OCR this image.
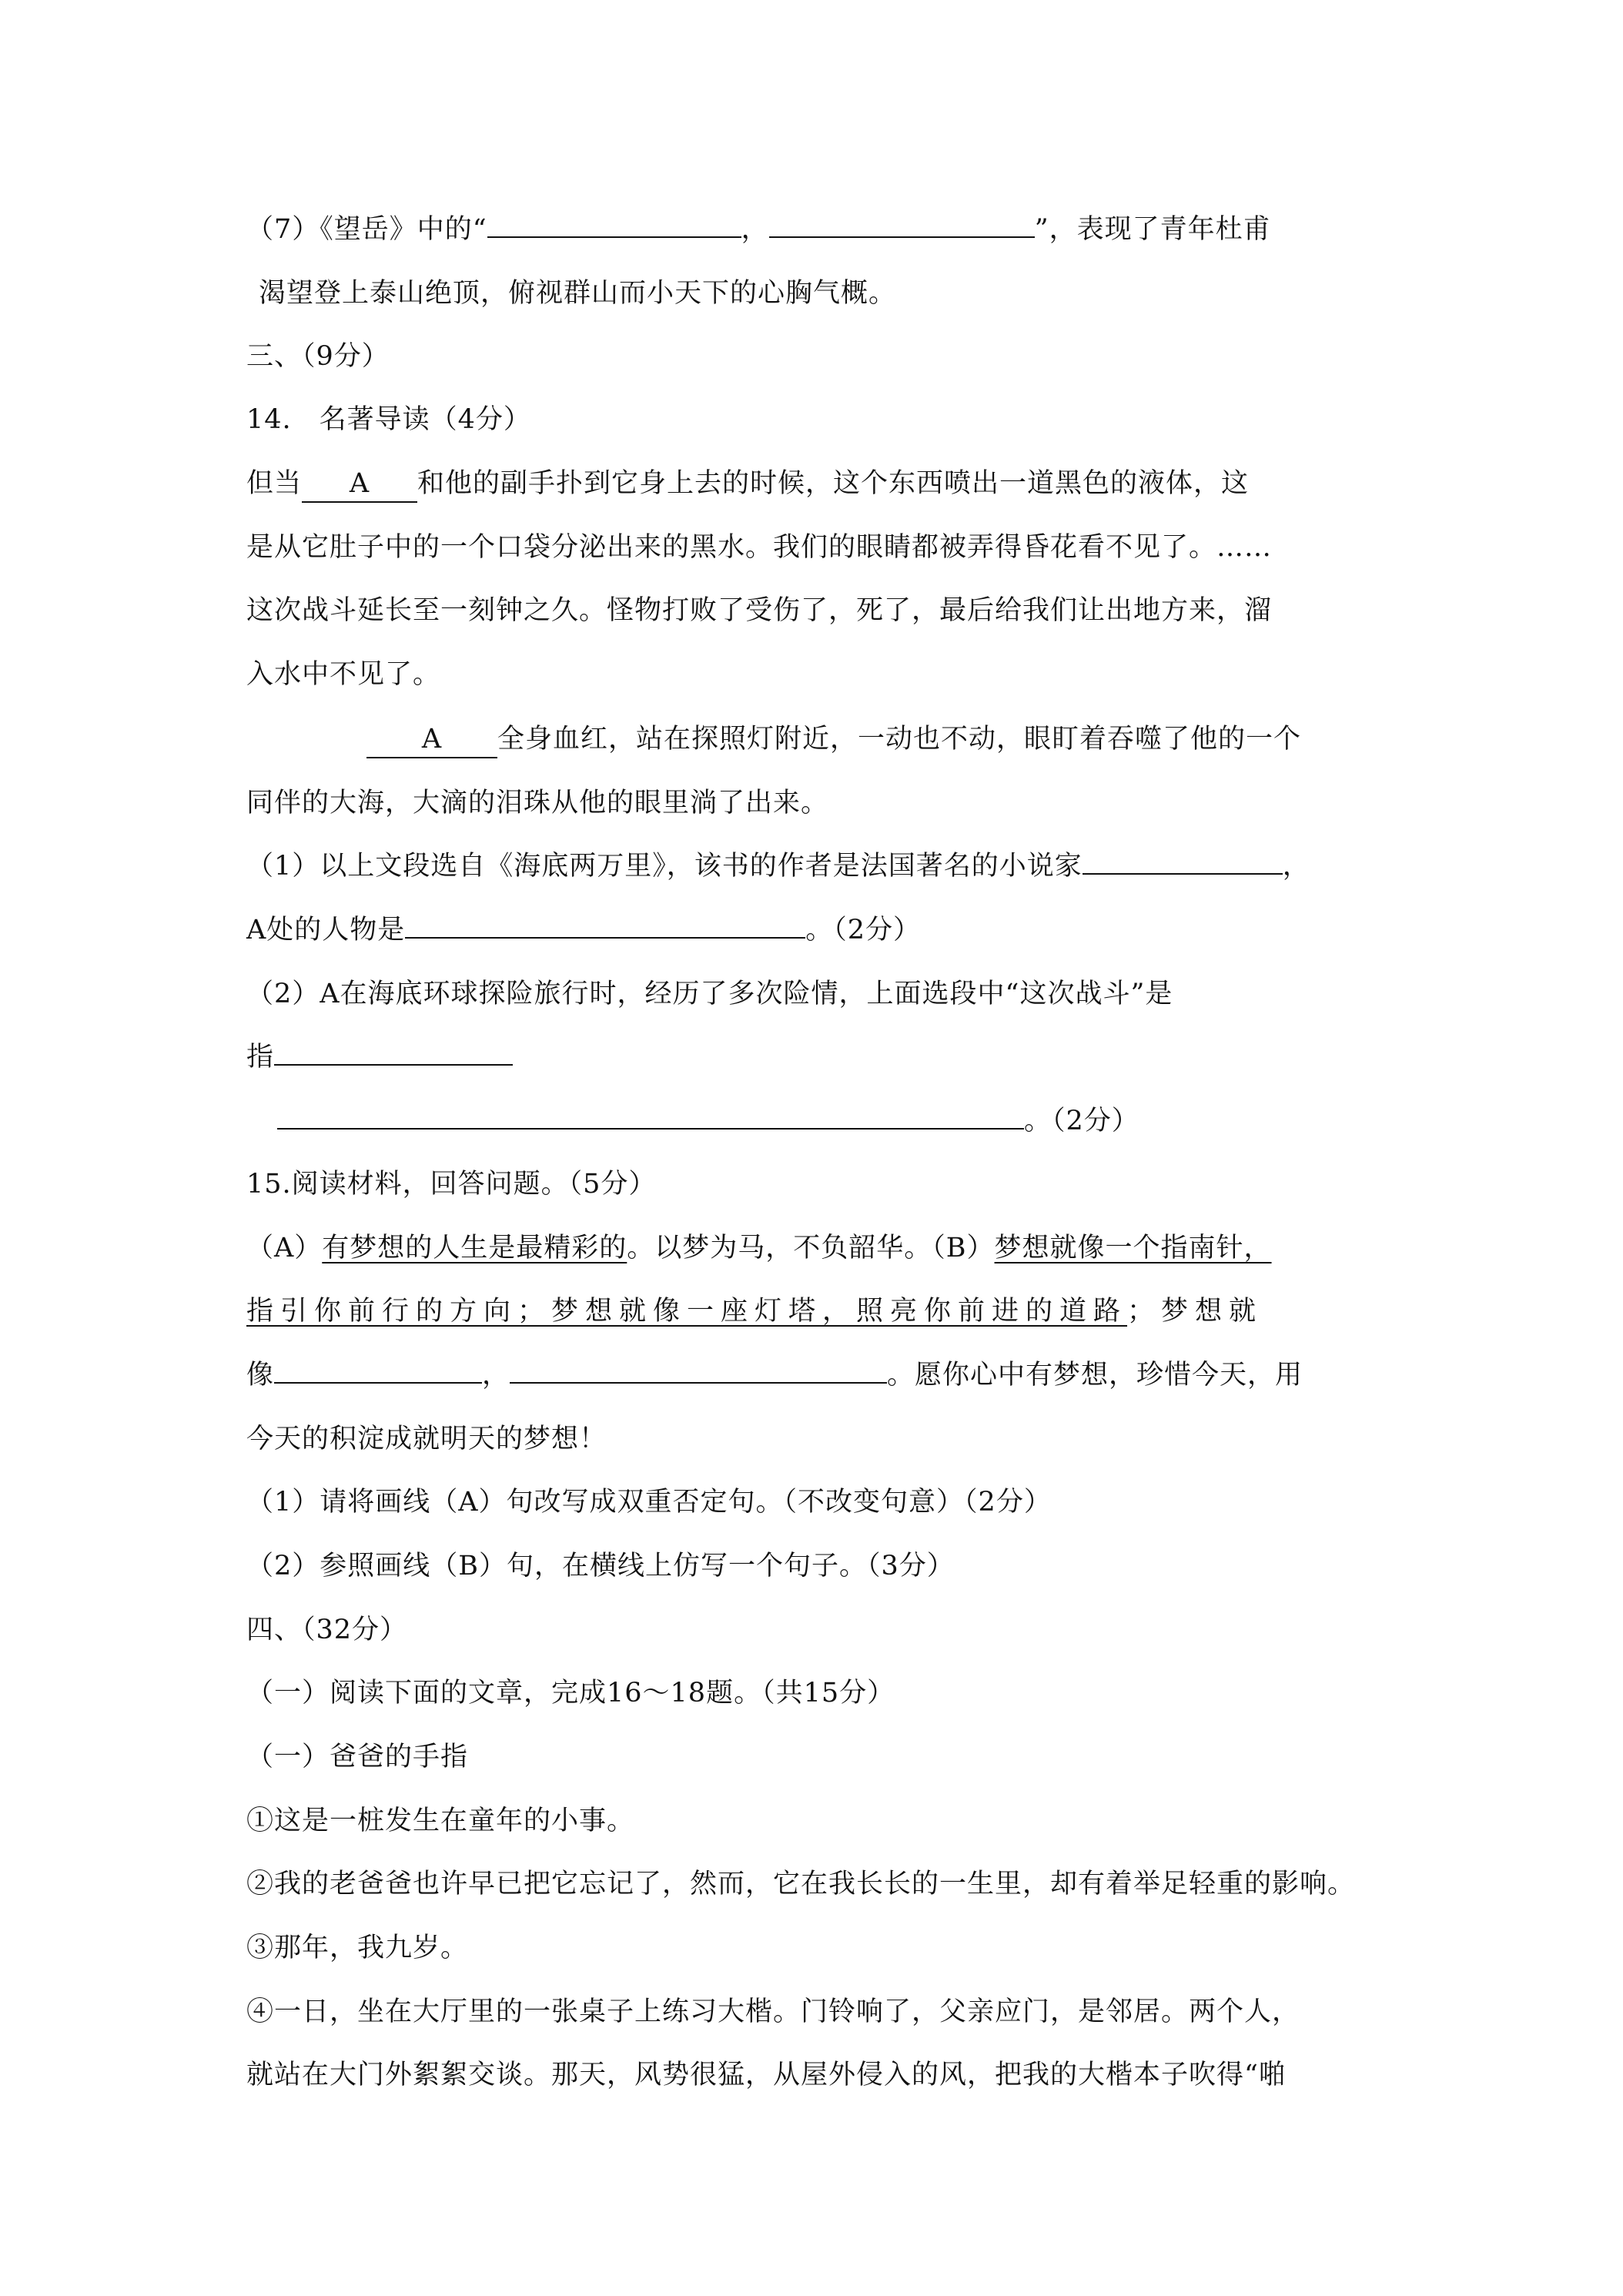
（7）《望岳》中的“	，	”，表现了青年杜甫
渴望登上泰山绝顶，俯视群山而小天下的心胸气概。
三、（9分）
14.　名著导读（4分）
但当 A 和他的副手扑到它身上去的时候，这个东西喷出一道黑色的液体，这
是从它肚子中的一个口袋分泌出来的黑水。我们的眼睛都被弄得昏花看不见了。……
这次战斗延长至一刻钟之久。怪物打败了受伤了，死了，最后给我们让出地方来，溜
入水中不见了。
A 全身血红，站在探照灯附近，一动也不动，眼盯着吞噬了他的一个
同伴的大海，大滴的泪珠从他的眼里淌了出来。
（1）以上文段选自《海底两万里》，该书的作者是法国著名的小说家	，
A处的人物是	。（2分）
（2）A在海底环球探险旅行时，经历了多次险情，上面选段中“这次战斗”是
指
。（2分）
15.阅读材料，回答问题。（5分）
（A）有梦想的人生是最精彩的。以梦为马，不负韶华。（B）梦想就像一个指南针，
指引你前行的方向；梦想就像一座灯塔，照亮你前进的道路；梦想就
像	，	。愿你心中有梦想，珍惜今天，用
今天的积淀成就明天的梦想！
（1）请将画线（A）句改写成双重否定句。（不改变句意）（2分）
（2）参照画线（B）句，在横线上仿写一个句子。（3分）
四、（32分）
（一）阅读下面的文章，完成16～18题。（共15分）
（一）爸爸的手指
①这是一桩发生在童年的小事。
②我的老爸爸也许早已把它忘记了，然而，它在我长长的一生里，却有着举足轻重的影响。
③那年，我九岁。
④一日，坐在大厅里的一张桌子上练习大楷。门铃响了，父亲应门，是邻居。两个人，
就站在大门外絮絮交谈。那天，风势很猛，从屋外侵入的风，把我的大楷本子吹得“啪
